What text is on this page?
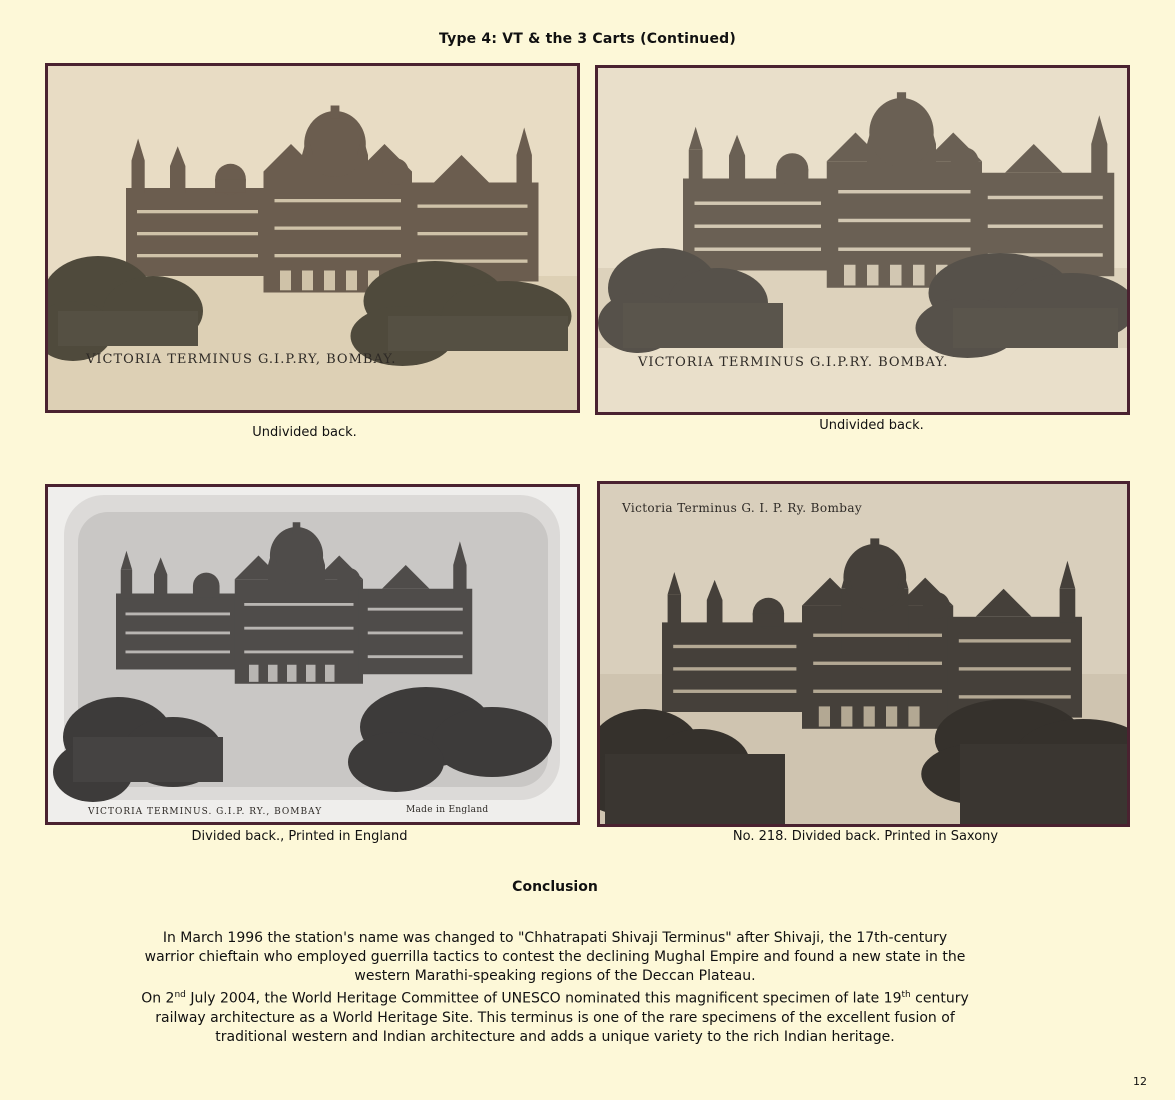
Type 4: VT & the 3 Carts (Continued)
VICTORIA TERMINUS G.I.P.RY, BOMBAY.
Undivided back.
VICTORIA TERMINUS G.I.P.RY. BOMBAY.
Undivided back.
VICTORIA TERMINUS. G.I.P. RY., BOMBAY	Made in England
Divided back., Printed in England
Victoria Terminus G. I. P. Ry. Bombay
No. 218. Divided back. Printed in Saxony
Conclusion

In March 1996 the station's name was changed to "Chhatrapati Shivaji Terminus" after Shivaji, the 17th-century warrior chieftain who employed guerrilla tactics to contest the declining Mughal Empire and found a new state in the western Marathi-speaking regions of the Deccan Plateau.

On 2nd July 2004, the World Heritage Committee of UNESCO nominated this magnificent specimen of late 19th century railway architecture as a World Heritage Site. This terminus is one of the rare specimens of the excellent fusion of traditional western and Indian architecture and adds a unique variety to the rich Indian heritage.

12
